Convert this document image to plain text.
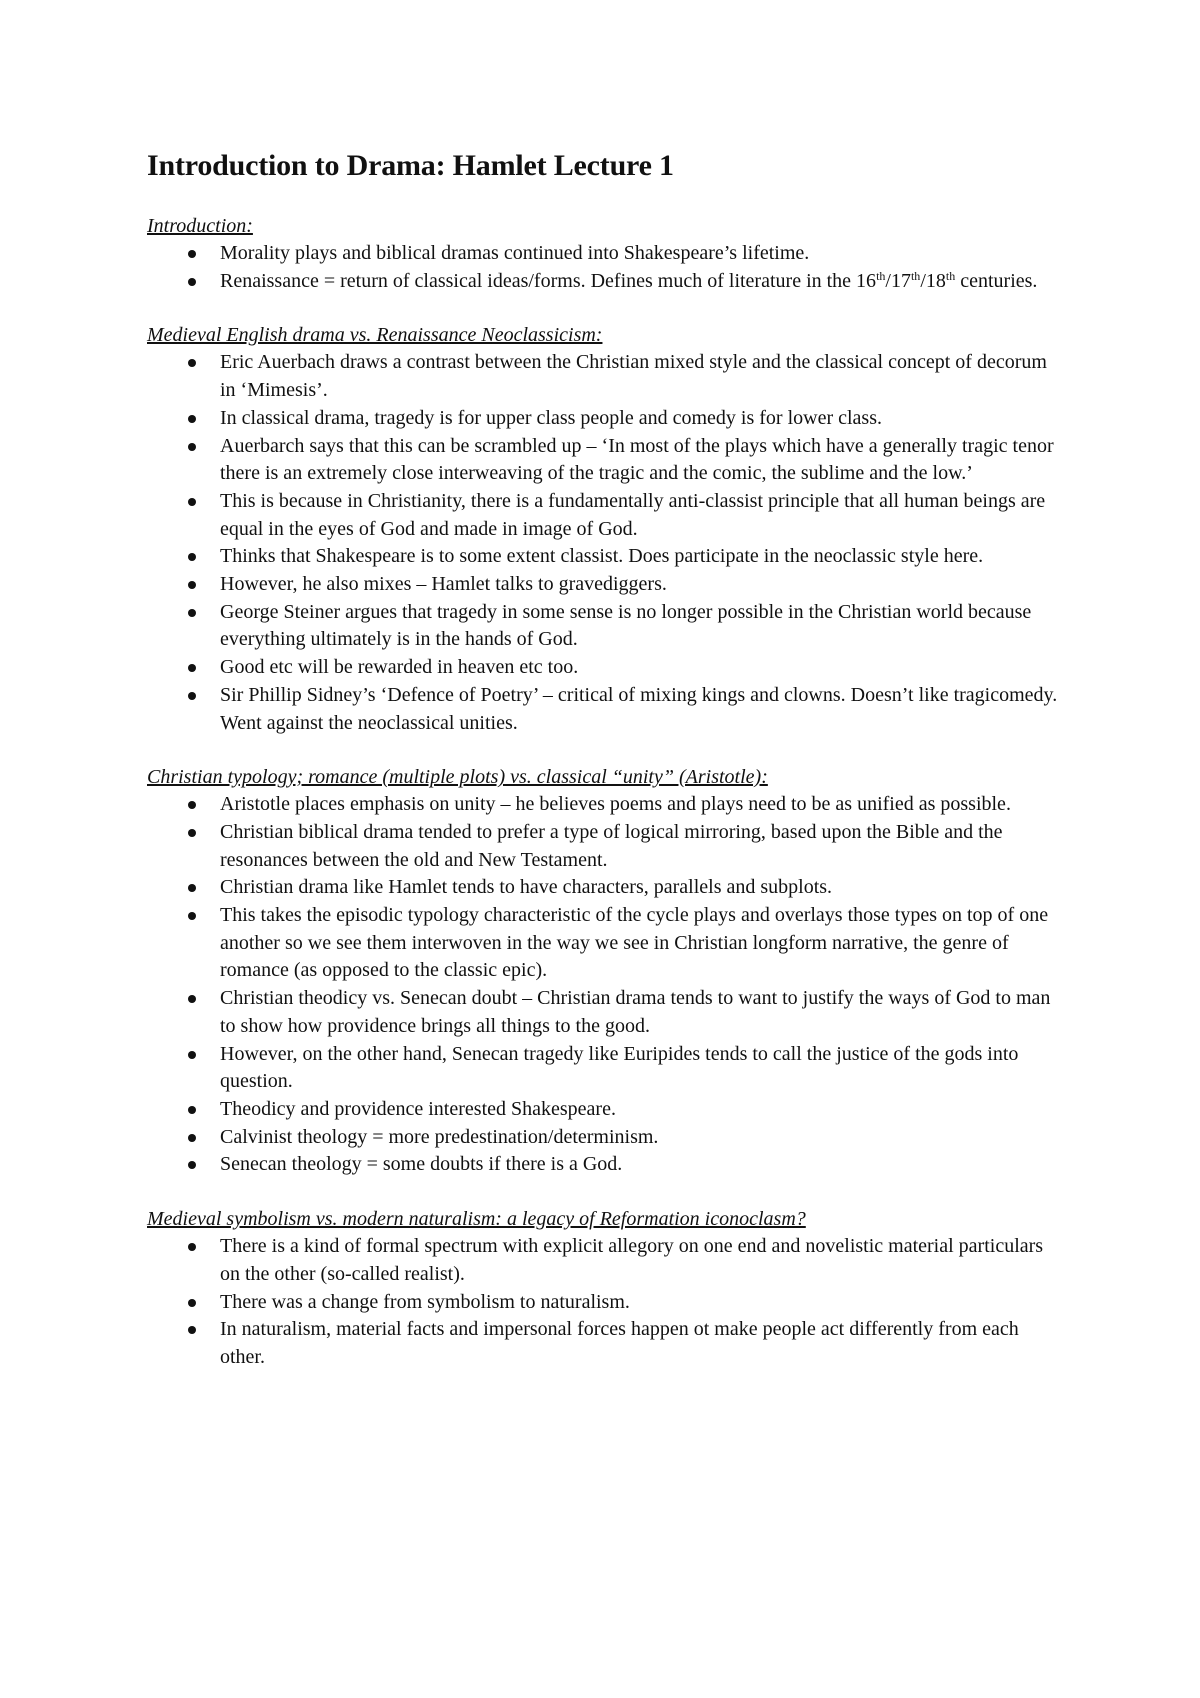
Introduction to Drama: Hamlet Lecture 1

Introduction:

Morality plays and biblical dramas continued into Shakespeare’s lifetime.
Renaissance = return of classical ideas/forms. Defines much of literature in the 16th/17th/18th centuries.

Medieval English drama vs. Renaissance Neoclassicism:

Eric Auerbach draws a contrast between the Christian mixed style and the classical concept of decorum in ‘Mimesis’.
In classical drama, tragedy is for upper class people and comedy is for lower class.
Auerbarch says that this can be scrambled up – ‘In most of the plays which have a generally tragic tenor there is an extremely close interweaving of the tragic and the comic, the sublime and the low.’
This is because in Christianity, there is a fundamentally anti-classist principle that all human beings are equal in the eyes of God and made in image of God.
Thinks that Shakespeare is to some extent classist. Does participate in the neoclassic style here.
However, he also mixes – Hamlet talks to gravediggers.
George Steiner argues that tragedy in some sense is no longer possible in the Christian world because everything ultimately is in the hands of God.
Good etc will be rewarded in heaven etc too.
Sir Phillip Sidney’s ‘Defence of Poetry’ – critical of mixing kings and clowns. Doesn’t like tragicomedy. Went against the neoclassical unities.

Christian typology; romance (multiple plots) vs. classical “unity” (Aristotle):

Aristotle places emphasis on unity – he believes poems and plays need to be as unified as possible.
Christian biblical drama tended to prefer a type of logical mirroring, based upon the Bible and the resonances between the old and New Testament.
Christian drama like Hamlet tends to have characters, parallels and subplots.
This takes the episodic typology characteristic of the cycle plays and overlays those types on top of one another so we see them interwoven in the way we see in Christian longform narrative, the genre of romance (as opposed to the classic epic).
Christian theodicy vs. Senecan doubt – Christian drama tends to want to justify the ways of God to man to show how providence brings all things to the good.
However, on the other hand, Senecan tragedy like Euripides tends to call the justice of the gods into question.
Theodicy and providence interested Shakespeare.
Calvinist theology = more predestination/determinism.
Senecan theology = some doubts if there is a God.

Medieval symbolism vs. modern naturalism: a legacy of Reformation iconoclasm?

There is a kind of formal spectrum with explicit allegory on one end and novelistic material particulars on the other (so-called realist).
There was a change from symbolism to naturalism.
In naturalism, material facts and impersonal forces happen ot make people act differently from each other.
